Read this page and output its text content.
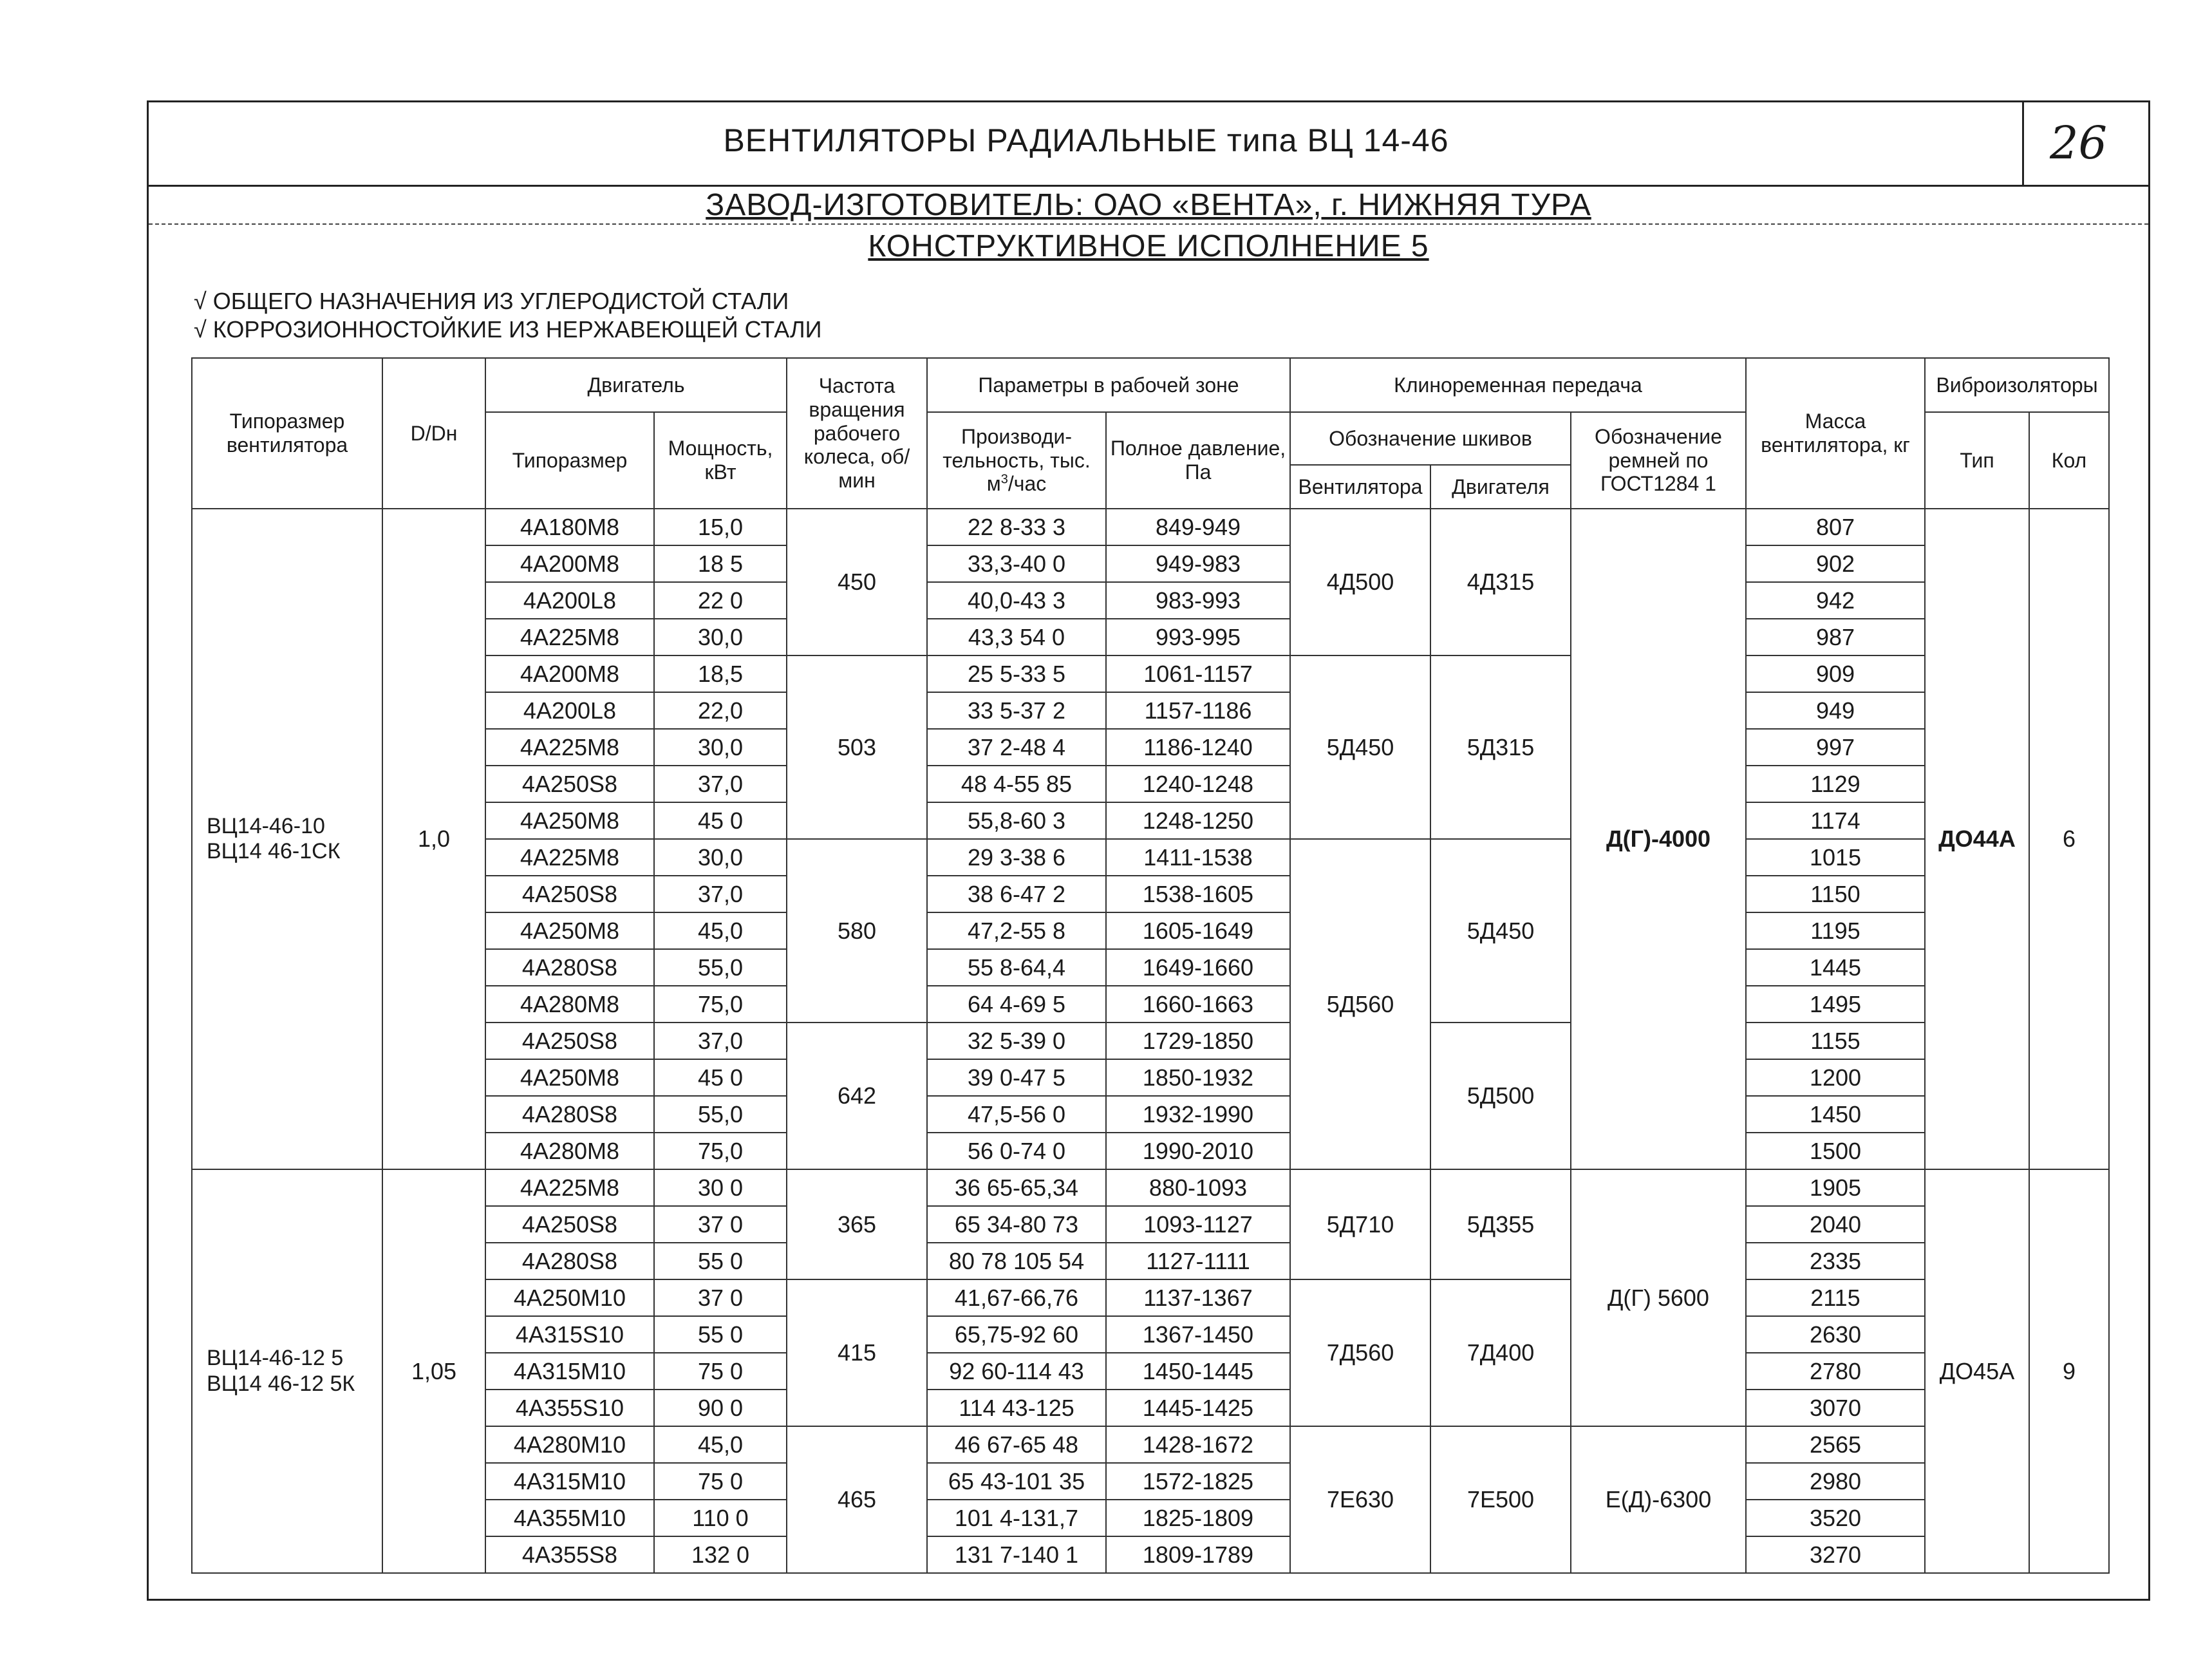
ВЕНТИЛЯТОРЫ РАДИАЛЬНЫЕ типа ВЦ 14-46	26
ЗАВОД-ИЗГОТОВИТЕЛЬ: ОАО «ВЕНТА», г. НИЖНЯЯ ТУРА
КОНСТРУКТИВНОЕ ИСПОЛНЕНИЕ 5
√ ОБЩЕГО НАЗНАЧЕНИЯ ИЗ УГЛЕРОДИСТОЙ СТАЛИ
√ КОРРОЗИОННОСТОЙКИЕ ИЗ НЕРЖАВЕЮЩЕЙ СТАЛИ
Типоразмер вентилятора	D/Dн	Двигатель		Частота вращения рабочего колеса, об/мин	Параметры в рабочей зоне		Клиноременная передача			Масса вентилятора, кг	Виброизоляторы	
		Типоразмер	Мощность, кВт		Производи-тельность, тыс. $м^3$/час	Полное давление, Па	Обозначение шкивов		Обозначение ремней по ГОСТ1284 1		Тип	Кол
							Вентилятора	Двигателя				
ВЦ14-46-10
ВЦ14 46-1СК	1,0	4А180М8	15,0	450	22 8-33 3	849-949	4Д500	4Д315	Д(Г)-4000	807	ДО44А	6
		4А200М8	18 5		33,3-40 0	949-983				902		
		4А200L8	22 0		40,0-43 3	983-993				942		
		4А225М8	30,0		43,3 54 0	993-995				987		
		4А200М8	18,5	503	25 5-33 5	1061-1157	5Д450	5Д315		909		
		4А200L8	22,0		33 5-37 2	1157-1186				949		
		4А225М8	30,0		37 2-48 4	1186-1240				997		
		4А250S8	37,0		48 4-55 85	1240-1248				1129		
		4А250М8	45 0		55,8-60 3	1248-1250				1174		
		4А225М8	30,0	580	29 3-38 6	1411-1538	5Д560	5Д450		1015		
		4А250S8	37,0		38 6-47 2	1538-1605				1150		
		4А250М8	45,0		47,2-55 8	1605-1649				1195		
		4А280S8	55,0		55 8-64,4	1649-1660				1445		
		4А280М8	75,0		64 4-69 5	1660-1663				1495		
		4А250S8	37,0	642	32 5-39 0	1729-1850		5Д500		1155		
		4А250М8	45 0		39 0-47 5	1850-1932				1200		
		4А280S8	55,0		47,5-56 0	1932-1990				1450		
		4А280М8	75,0		56 0-74 0	1990-2010				1500		
ВЦ14-46-12 5
ВЦ14 46-12 5К	1,05	4А225М8	30 0	365	36 65-65,34	880-1093	5Д710	5Д355	Д(Г) 5600	1905	ДО45А	9
		4А250S8	37 0		65 34-80 73	1093-1127				2040		
		4А280S8	55 0		80 78 105 54	1127-1111				2335		
		4А250М10	37 0	415	41,67-66,76	1137-1367	7Д560	7Д400		2115		
		4А315S10	55 0		65,75-92 60	1367-1450				2630		
		4А315М10	75 0		92 60-114 43	1450-1445				2780		
		4А355S10	90 0		114 43-125	1445-1425				3070		
		4А280М10	45,0	465	46 67-65 48	1428-1672	7Е630	7Е500	Е(Д)-6300	2565		
		4А315М10	75 0		65 43-101 35	1572-1825				2980		
		4А355М10	110 0		101 4-131,7	1825-1809				3520		
		4А355S8	132 0		131 7-140 1	1809-1789				3270		
